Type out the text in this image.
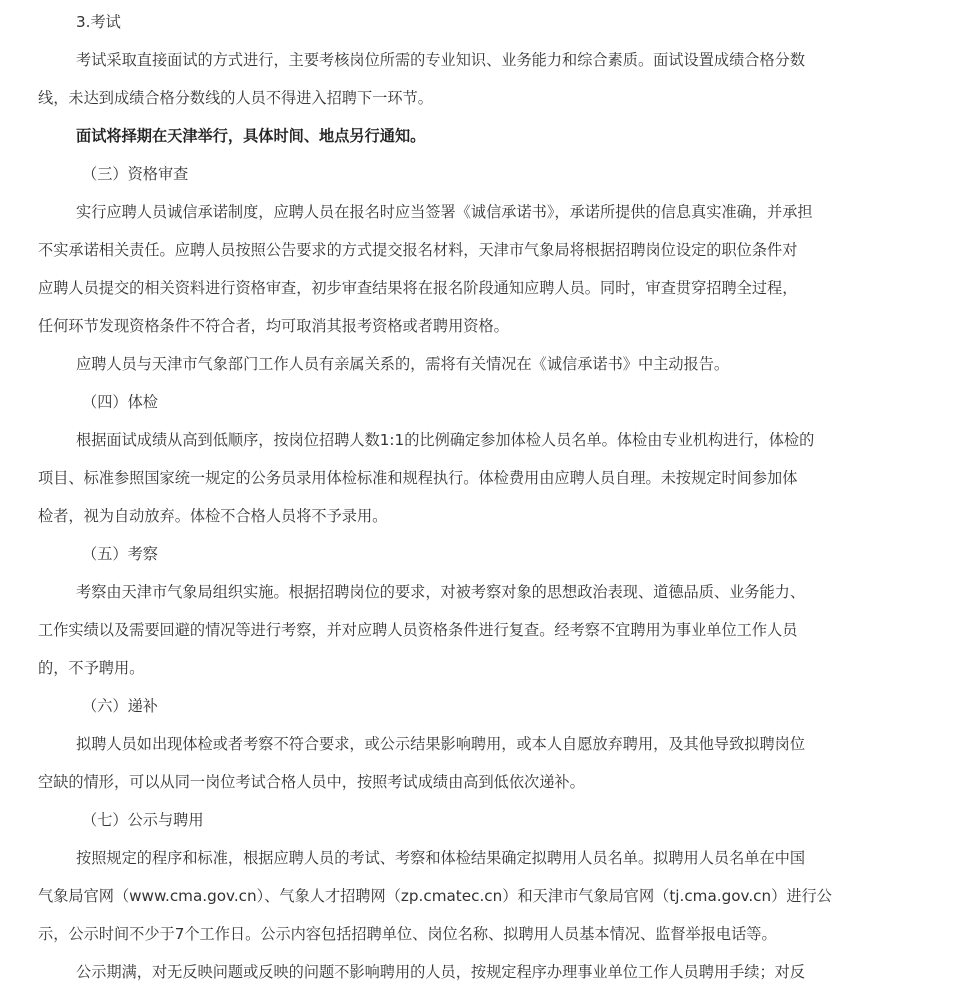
3.考试
考试采取直接面试的方式进行，主要考核岗位所需的专业知识、业务能力和综合素质。面试设置成绩合格分数
线，未达到成绩合格分数线的人员不得进入招聘下一环节。
面试将择期在天津举行，具体时间、地点另行通知。
（三）资格审查
实行应聘人员诚信承诺制度，应聘人员在报名时应当签署《诚信承诺书》，承诺所提供的信息真实准确，并承担
不实承诺相关责任。应聘人员按照公告要求的方式提交报名材料，天津市气象局将根据招聘岗位设定的职位条件对
应聘人员提交的相关资料进行资格审查，初步审查结果将在报名阶段通知应聘人员。同时，审查贯穿招聘全过程，
任何环节发现资格条件不符合者，均可取消其报考资格或者聘用资格。
应聘人员与天津市气象部门工作人员有亲属关系的，需将有关情况在《诚信承诺书》中主动报告。
（四）体检
根据面试成绩从高到低顺序，按岗位招聘人数1:1的比例确定参加体检人员名单。体检由专业机构进行，体检的
项目、标准参照国家统一规定的公务员录用体检标准和规程执行。体检费用由应聘人员自理。未按规定时间参加体
检者，视为自动放弃。体检不合格人员将不予录用。
（五）考察
考察由天津市气象局组织实施。根据招聘岗位的要求，对被考察对象的思想政治表现、道德品质、业务能力、
工作实绩以及需要回避的情况等进行考察，并对应聘人员资格条件进行复查。经考察不宜聘用为事业单位工作人员
的，不予聘用。
（六）递补
拟聘人员如出现体检或者考察不符合要求，或公示结果影响聘用，或本人自愿放弃聘用，及其他导致拟聘岗位
空缺的情形，可以从同一岗位考试合格人员中，按照考试成绩由高到低依次递补。
（七）公示与聘用
按照规定的程序和标准，根据应聘人员的考试、考察和体检结果确定拟聘用人员名单。拟聘用人员名单在中国
气象局官网（www.cma.gov.cn）、气象人才招聘网（zp.cmatec.cn）和天津市气象局官网（tj.cma.gov.cn）进行公
示，公示时间不少于7个工作日。公示内容包括招聘单位、岗位名称、拟聘用人员基本情况、监督举报电话等。
公示期满，对无反映问题或反映的问题不影响聘用的人员，按规定程序办理事业单位工作人员聘用手续；对反
